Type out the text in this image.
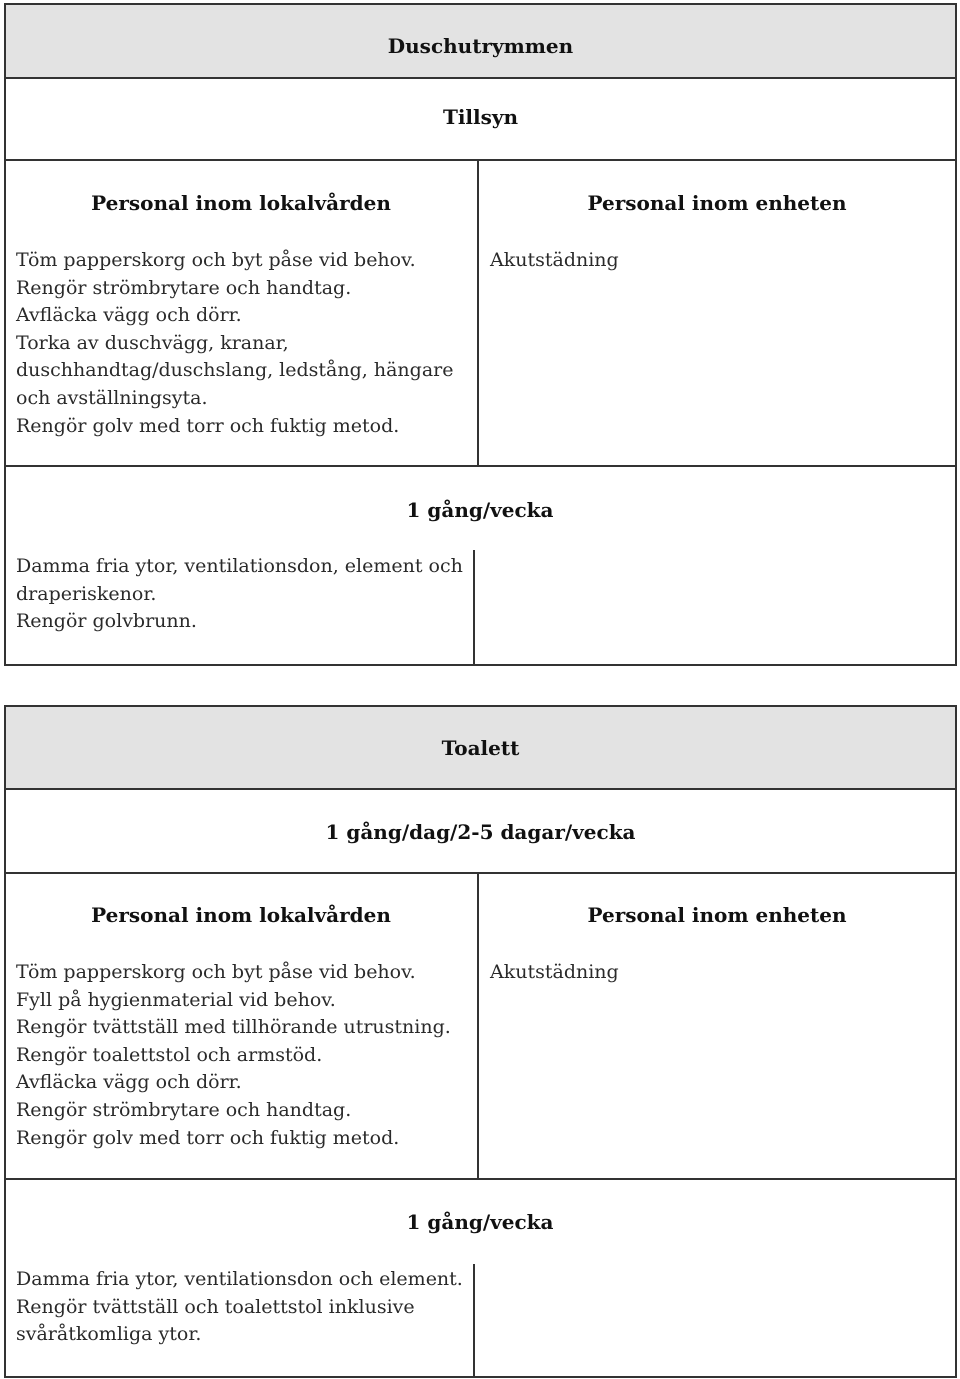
Duschutrymmen
Tillsyn
Personal inom lokalvården	Personal inom enheten
Töm papperskorg och byt påse vid behov.
Rengör strömbrytare och handtag.
Avfläcka vägg och dörr.
Torka av duschvägg, kranar,
duschhandtag/duschslang, ledstång, hängare
och avställningsyta.
Rengör golv med torr och fuktig metod.
Akutstädning
1 gång/vecka
Damma fria ytor, ventilationsdon, element och
draperiskenor.
Rengör golvbrunn.
Toalett
1 gång/dag/2-5 dagar/vecka
Personal inom lokalvården	Personal inom enheten
Töm papperskorg och byt påse vid behov.
Fyll på hygienmaterial vid behov.
Rengör tvättställ med tillhörande utrustning.
Rengör toalettstol och armstöd.
Avfläcka vägg och dörr.
Rengör strömbrytare och handtag.
Rengör golv med torr och fuktig metod.
Akutstädning
1 gång/vecka
Damma fria ytor, ventilationsdon och element.
Rengör tvättställ och toalettstol inklusive
svåråtkomliga ytor.
